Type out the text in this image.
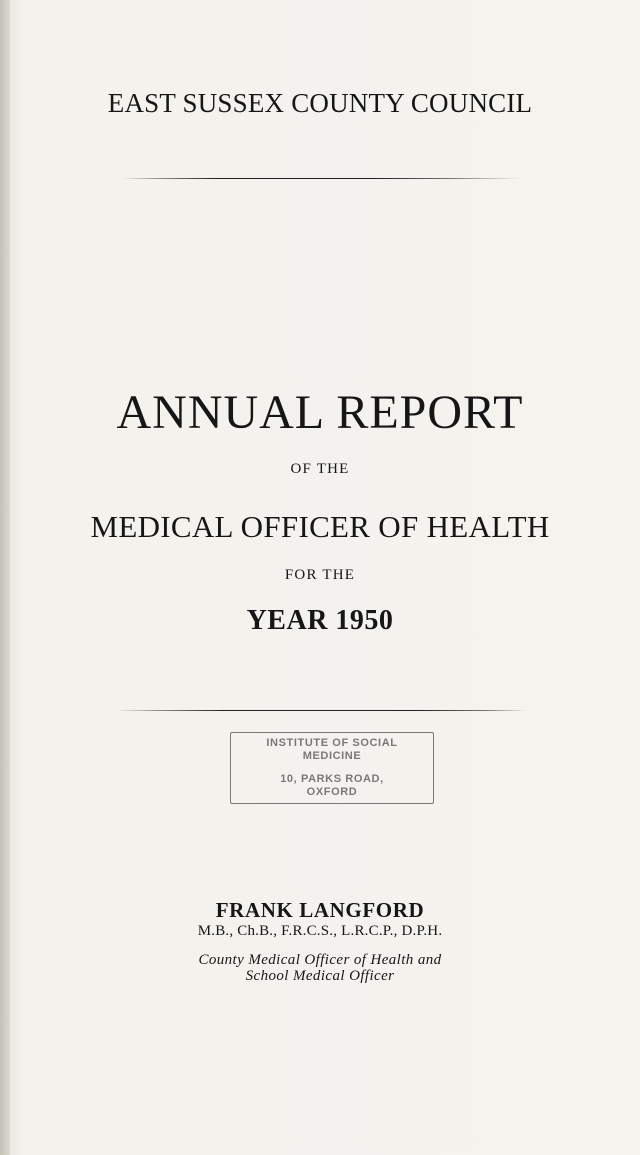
EAST SUSSEX COUNTY COUNCIL
ANNUAL REPORT
OF THE
MEDICAL OFFICER OF HEALTH
FOR THE
YEAR 1950
INSTITUTE OF SOCIAL
MEDICINE
10, PARKS ROAD,
OXFORD
FRANK LANGFORD
M.B., Ch.B., F.R.C.S., L.R.C.P., D.P.H.
County Medical Officer of Health and
School Medical Officer
